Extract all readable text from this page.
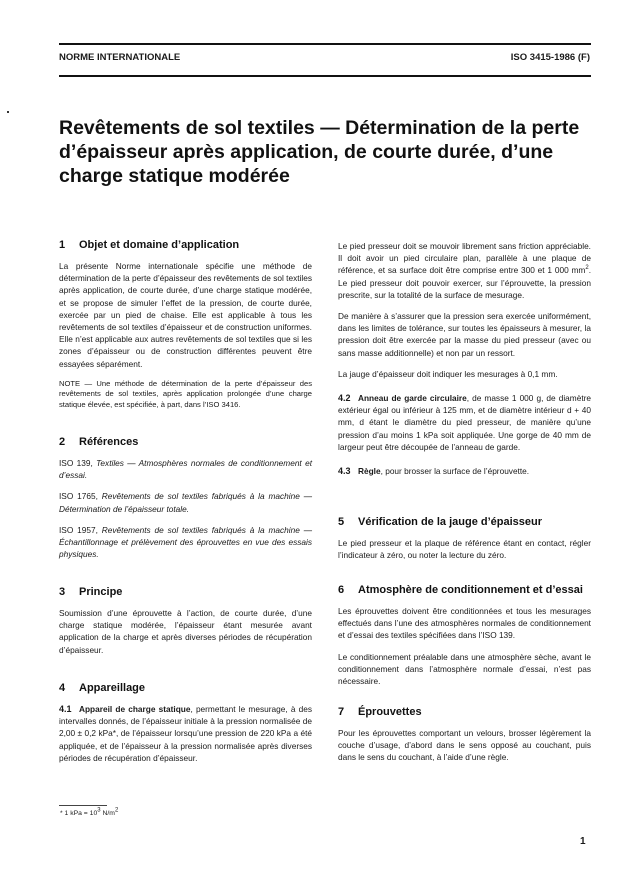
NORME INTERNATIONALE	ISO 3415-1986 (F)
Revêtements de sol textiles — Détermination de la perte d’épaisseur après application, de courte durée, d’une charge statique modérée
1 Objet et domaine d’application
La présente Norme internationale spécifie une méthode de détermination de la perte d’épaisseur des revêtements de sol textiles après application, de courte durée, d’une charge statique modérée, et se propose de simuler l’effet de la pression, de courte durée, exercée par un pied de chaise. Elle est applicable à tous les revêtements de sol textiles d’épaisseur et de construction uniformes. Elle n’est applicable aux autres revêtements de sol textiles que si les zones d’épaisseur ou de construction différentes peuvent être essayées séparément.
NOTE — Une méthode de détermination de la perte d’épaisseur des revêtements de sol textiles, après application prolongée d’une charge statique élevée, est spécifiée, à part, dans l’ISO 3416.
2 Références
ISO 139, Textiles — Atmosphères normales de conditionnement et d’essai.
ISO 1765, Revêtements de sol textiles fabriqués à la machine — Détermination de l’épaisseur totale.
ISO 1957, Revêtements de sol textiles fabriqués à la machine — Échantillonnage et prélèvement des éprouvettes en vue des essais physiques.
3 Principe
Soumission d’une éprouvette à l’action, de courte durée, d’une charge statique modérée, l’épaisseur étant mesurée avant application de la charge et après diverses périodes de récupération d’épaisseur.
4 Appareillage
4.1 Appareil de charge statique, permettant le mesurage, à des intervalles donnés, de l’épaisseur initiale à la pression normalisée de 2,00 ± 0,2 kPa*, de l’épaisseur lorsqu’une pression de 220 kPa a été appliquée, et de l’épaisseur à la pression normalisée après diverses périodes de récupération d’épaisseur.
Le pied presseur doit se mouvoir librement sans friction appréciable. Il doit avoir un pied circulaire plan, parallèle à une plaque de référence, et sa surface doit être comprise entre 300 et 1 000 $mm^2$. Le pied presseur doit pouvoir exercer, sur l’éprouvette, la pression prescrite, sur la totalité de la surface de mesurage.
De manière à s’assurer que la pression sera exercée uniformément, dans les limites de tolérance, sur toutes les épaisseurs à mesurer, la pression doit être exercée par la masse du pied presseur (avec ou sans masse additionnelle) et non par un ressort.
La jauge d’épaisseur doit indiquer les mesurages à 0,1 mm.
4.2 Anneau de garde circulaire, de masse 1 000 g, de diamètre extérieur égal ou inférieur à 125 mm, et de diamètre intérieur d + 40 mm, d étant le diamètre du pied presseur, de manière qu’une pression d’au moins 1 kPa soit appliquée. Une gorge de 40 mm de largeur peut être découpée de l’anneau de garde.
4.3 Règle, pour brosser la surface de l’éprouvette.
5 Vérification de la jauge d’épaisseur
Le pied presseur et la plaque de référence étant en contact, régler l’indicateur à zéro, ou noter la lecture du zéro.
6 Atmosphère de conditionnement et d’essai
Les éprouvettes doivent être conditionnées et tous les mesurages effectués dans l’une des atmosphères normales de conditionnement et d’essai des textiles spécifiées dans l’ISO 139.
Le conditionnement préalable dans une atmosphère sèche, avant le conditionnement dans l’atmosphère normale d’essai, n’est pas nécessaire.
7 Éprouvettes
Pour les éprouvettes comportant un velours, brosser légèrement la couche d’usage, d’abord dans le sens opposé au couchant, puis dans le sens du couchant, à l’aide d’une règle.
* 1 kPa = $10^3$ $N/m^2$
1
